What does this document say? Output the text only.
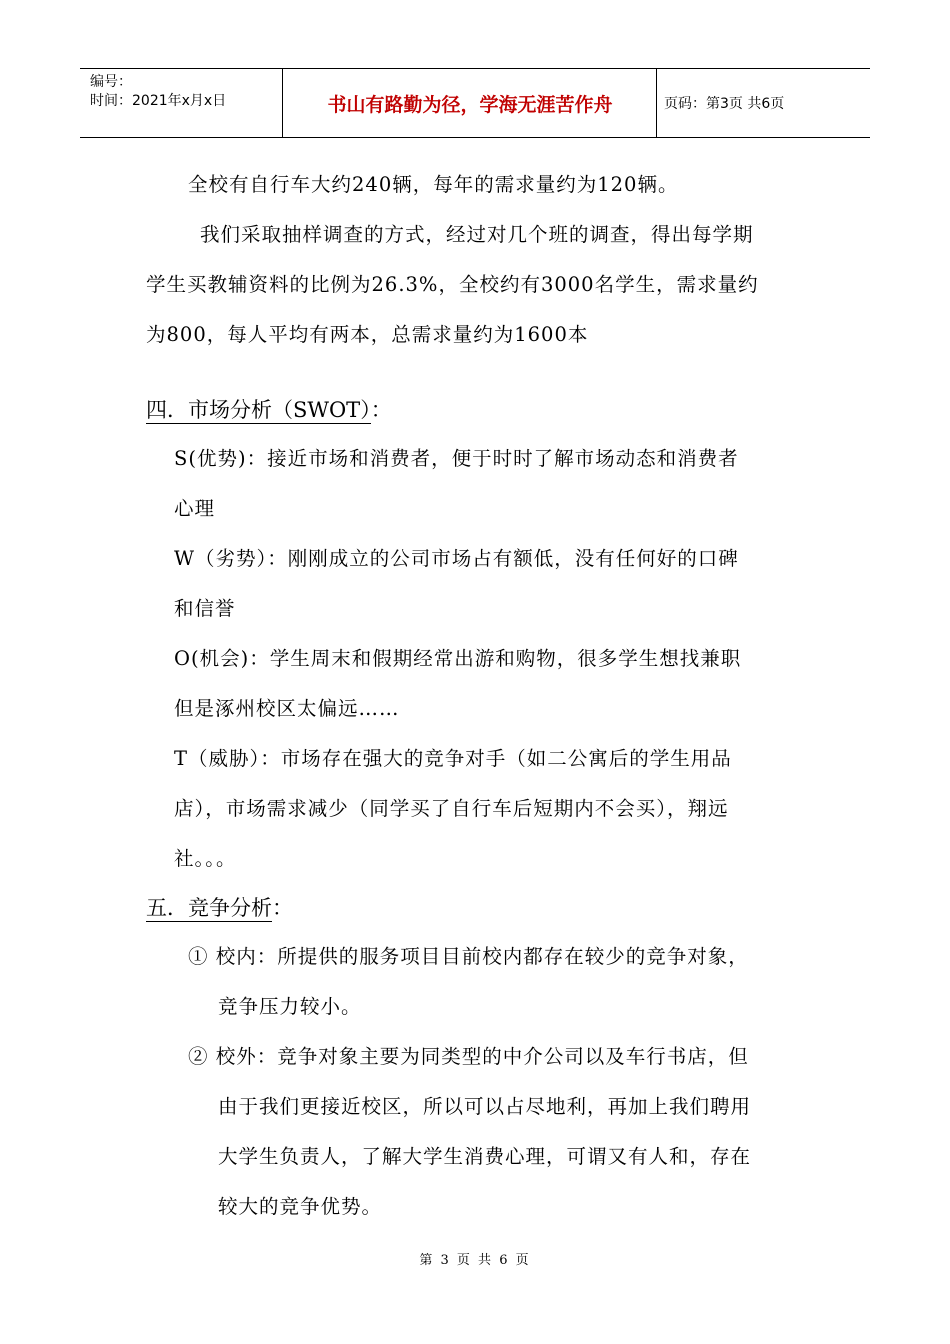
编号：
时间：2021年x月x日	书山有路勤为径，学海无涯苦作舟	页码：第3页 共6页
全校有自行车大约240辆，每年的需求量约为120辆。
我们采取抽样调查的方式，经过对几个班的调查，得出每学期
学生买教辅资料的比例为26.3%，全校约有3000名学生，需求量约
为800，每人平均有两本，总需求量约为1600本
四．市场分析（SWOT）：
S(优势)：接近市场和消费者，便于时时了解市场动态和消费者
心理
W（劣势）：刚刚成立的公司市场占有额低，没有任何好的口碑
和信誉
O(机会)：学生周末和假期经常出游和购物，很多学生想找兼职
但是涿州校区太偏远……
T（威胁）：市场存在强大的竞争对手（如二公寓后的学生用品
店），市场需求减少（同学买了自行车后短期内不会买），翔远
社。。。
五．竞争分析：
① 校内：所提供的服务项目目前校内都存在较少的竞争对象，
竞争压力较小。
② 校外：竞争对象主要为同类型的中介公司以及车行书店，但
由于我们更接近校区，所以可以占尽地利，再加上我们聘用
大学生负责人，了解大学生消费心理，可谓又有人和，存在
较大的竞争优势。
第 3 页 共 6 页
